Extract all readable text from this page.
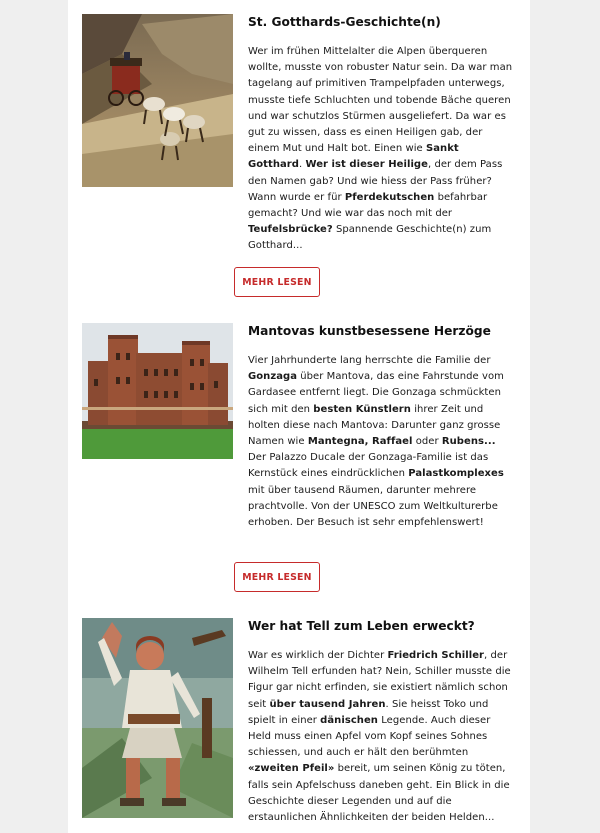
St. Gotthards-Geschichte(n)
Wer im frühen Mittelalter die Alpen überqueren wollte, musste von robuster Natur sein. Da war man tagelang auf primitiven Trampelpfaden unterwegs, musste tiefe Schluchten und tobende Bäche queren und war schutzlos Stürmen ausgeliefert. Da war es gut zu wissen, dass es einen Heiligen gab, der einem Mut und Halt bot. Einen wie Sankt Gotthard. Wer ist dieser Heilige, der dem Pass den Namen gab? Und wie hiess der Pass früher? Wann wurde er für Pferdekutschen befahrbar gemacht? Und wie war das noch mit der Teufelsbrücke? Spannende Geschichte(n) zum Gotthard...
MEHR LESEN
Mantovas kunstbesessene Herzöge
Vier Jahrhunderte lang herrschte die Familie der Gonzaga über Mantova, das eine Fahrstunde vom Gardasee entfernt liegt. Die Gonzaga schmückten sich mit den besten Künstlern ihrer Zeit und holten diese nach Mantova: Darunter ganz grosse Namen wie Mantegna, Raffael oder Rubens...
Der Palazzo Ducale der Gonzaga-Familie ist das Kernstück eines eindrücklichen Palastkomplexes mit über tausend Räumen, darunter mehrere prachtvolle. Von der UNESCO zum Weltkulturerbe erhoben. Der Besuch ist sehr empfehlenswert!
MEHR LESEN
Wer hat Tell zum Leben erweckt?
War es wirklich der Dichter Friedrich Schiller, der Wilhelm Tell erfunden hat? Nein, Schiller musste die Figur gar nicht erfinden, sie existiert nämlich schon seit über tausend Jahren. Sie heisst Toko und spielt in einer dänischen Legende. Auch dieser Held muss einen Apfel vom Kopf seines Sohnes schiessen, und auch er hält den berühmten «zweiten Pfeil» bereit, um seinen König zu töten, falls sein Apfelschuss daneben geht. Ein Blick in die Geschichte dieser Legenden und auf die erstaunlichen Ähnlichkeiten der beiden Helden...
